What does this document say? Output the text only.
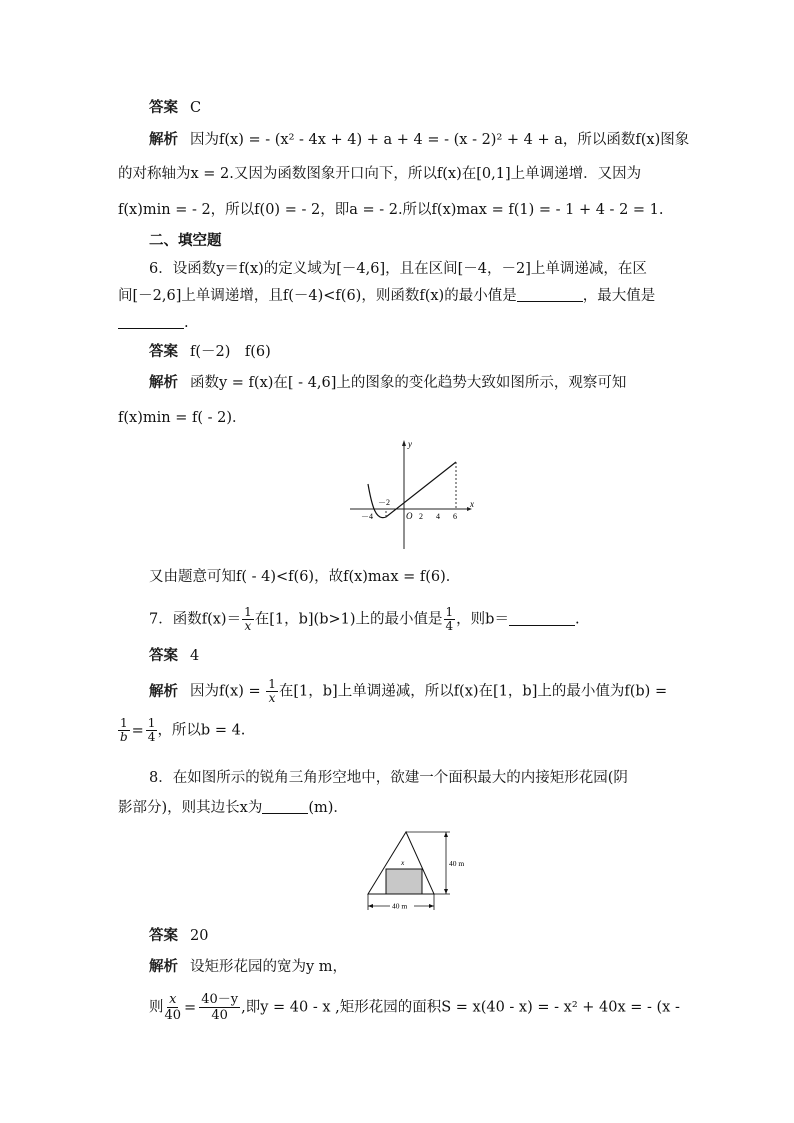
答案 C
解析 因为f(x) = - (x² - 4x + 4) + a + 4 = - (x - 2)² + 4 + a，所以函数f(x)图象
的对称轴为x = 2.又因为函数图象开口向下，所以f(x)在[0,1]上单调递增．又因为
f(x)min = - 2，所以f(0) = - 2，即a = - 2.所以f(x)max = f(1) = - 1 + 4 - 2 = 1.
二、填空题
6．设函数y＝f(x)的定义域为[－4,6]，且在区间[－4，－2]上单调递减，在区
间[－2,6]上单调递增，且f(－4)<f(6)，则函数f(x)的最小值是	，最大值是
.
答案 f(－2)　f(6)
解析 函数y = f(x)在[ - 4,6]上的图象的变化趋势大致如图所示，观察可知
f(x)min = f( - 2)．
y
x
O
－4
－2
2 4 6
又由题意可知f( - 4)<f(6)，故f(x)max = f(6)．
7．函数$f(x)= \frac{1}{x}$ 在[1，b](b>1)上的最小值是 $\frac{1}{4}$ ，则b＝	.
答案 4
解析 因为$f(x) = \frac{1}{x}$ 在[1，b]上单调递减，所以f(x)在[1，b]上的最小值为f(b) =
$\frac{1}{b} = \frac{1}{4}$ ，所以b = 4.
8．在如图所示的锐角三角形空地中，欲建一个面积最大的内接矩形花园(阴
影部分)，则其边长x为	(m)．
40 m
40 m
x
答案 20
解析 设矩形花园的宽为y m，
则 $\frac{x}{40} = \frac{40-y}{40}$ ,即y = 40 - x ,矩形花园的面积S = x(40 - x) = - x² + 40x = - (x -
